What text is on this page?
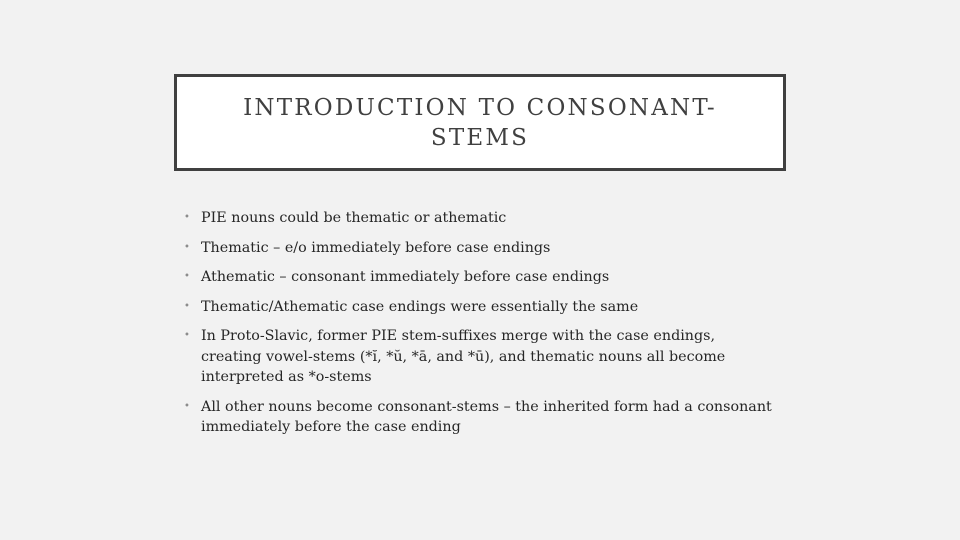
INTRODUCTION TO CONSONANT-
STEMS
• PIE nouns could be thematic or athematic
• Thematic – e/o immediately before case endings
• Athematic – consonant immediately before case endings
• Thematic/Athematic case endings were essentially the same
• In Proto-Slavic, former PIE stem-suffixes merge with the case endings, creating vowel-stems (*ĭ, *ŭ, *ā, and *ū), and thematic nouns all become interpreted as *o-stems
• All other nouns become consonant-stems – the inherited form had a consonant immediately before the case ending
